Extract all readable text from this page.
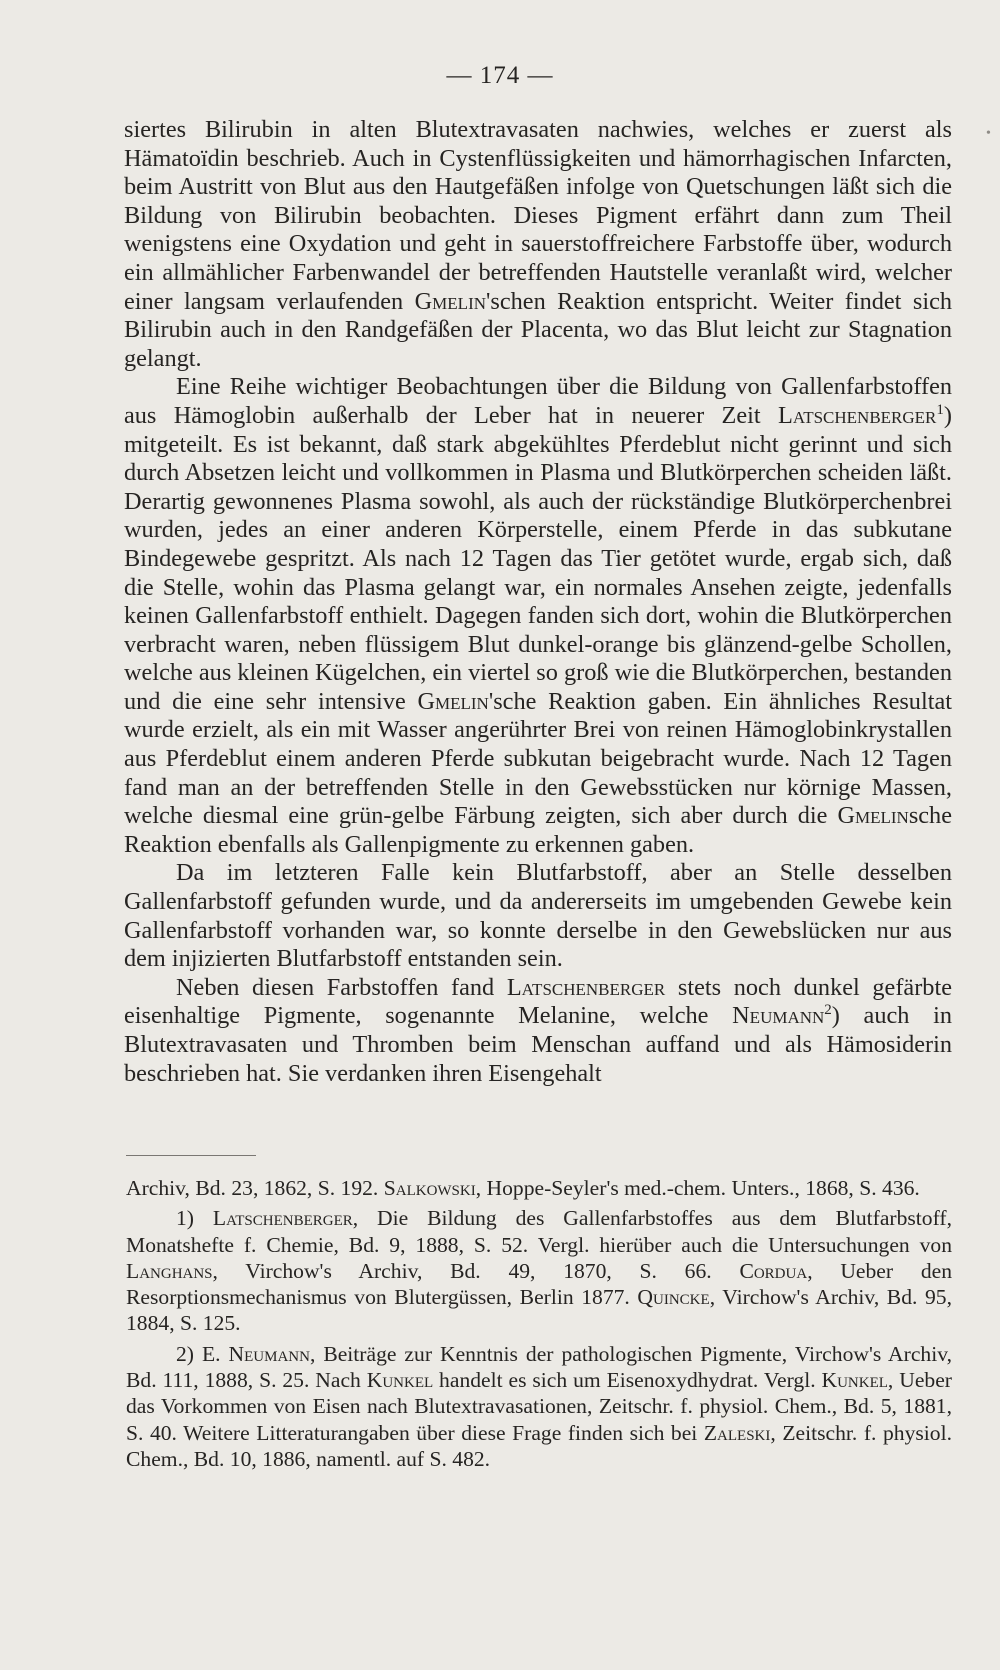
— 174 —
•

siertes Bilirubin in alten Blutextravasaten nachwies, welches er zuerst als Hämatoïdin beschrieb. Auch in Cystenflüssigkeiten und hämorrhagischen Infarcten, beim Austritt von Blut aus den Hautgefäßen infolge von Quetschungen läßt sich die Bildung von Bilirubin beobachten. Dieses Pigment erfährt dann zum Theil wenigstens eine Oxydation und geht in sauerstoffreichere Farbstoffe über, wodurch ein allmählicher Farbenwandel der betreffenden Hautstelle veranlaßt wird, welcher einer langsam verlaufenden Gmelin'schen Reaktion entspricht. Weiter findet sich Bilirubin auch in den Randgefäßen der Placenta, wo das Blut leicht zur Stagnation gelangt.

Eine Reihe wichtiger Beobachtungen über die Bildung von Gallenfarbstoffen aus Hämoglobin außerhalb der Leber hat in neuerer Zeit Latschenberger$^1$) mitgeteilt. Es ist bekannt, daß stark abgekühltes Pferdeblut nicht gerinnt und sich durch Absetzen leicht und vollkommen in Plasma und Blutkörperchen scheiden läßt. Derartig gewonnenes Plasma sowohl, als auch der rückständige Blutkörperchenbrei wurden, jedes an einer anderen Körperstelle, einem Pferde in das subkutane Bindegewebe gespritzt. Als nach 12 Tagen das Tier getötet wurde, ergab sich, daß die Stelle, wohin das Plasma gelangt war, ein normales Ansehen zeigte, jedenfalls keinen Gallenfarbstoff enthielt. Dagegen fanden sich dort, wohin die Blutkörperchen verbracht waren, neben flüssigem Blut dunkel-orange bis glänzend-gelbe Schollen, welche aus kleinen Kügelchen, ein viertel so groß wie die Blutkörperchen, bestanden und die eine sehr intensive Gmelin'sche Reaktion gaben. Ein ähnliches Resultat wurde erzielt, als ein mit Wasser angerührter Brei von reinen Hämoglobinkrystallen aus Pferdeblut einem anderen Pferde subkutan beigebracht wurde. Nach 12 Tagen fand man an der betreffenden Stelle in den Gewebsstücken nur körnige Massen, welche diesmal eine grün-gelbe Färbung zeigten, sich aber durch die Gmelinsche Reaktion ebenfalls als Gallenpigmente zu erkennen gaben.

Da im letzteren Falle kein Blutfarbstoff, aber an Stelle desselben Gallenfarbstoff gefunden wurde, und da andererseits im umgebenden Gewebe kein Gallenfarbstoff vorhanden war, so konnte derselbe in den Gewebslücken nur aus dem injizierten Blutfarbstoff entstanden sein.

Neben diesen Farbstoffen fand Latschenberger stets noch dunkel gefärbte eisenhaltige Pigmente, sogenannte Melanine, welche Neumann$^2$) auch in Blutextravasaten und Thromben beim Menschan auffand und als Hämosiderin beschrieben hat. Sie verdanken ihren Eisengehalt

Archiv, Bd. 23, 1862, S. 192. Salkowski, Hoppe-Seyler's med.-chem. Unters., 1868, S. 436.

1) Latschenberger, Die Bildung des Gallenfarbstoffes aus dem Blutfarbstoff, Monatshefte f. Chemie, Bd. 9, 1888, S. 52. Vergl. hierüber auch die Untersuchungen von Langhans, Virchow's Archiv, Bd. 49, 1870, S. 66. Cordua, Ueber den Resorptionsmechanismus von Blutergüssen, Berlin 1877. Quincke, Virchow's Archiv, Bd. 95, 1884, S. 125.

2) E. Neumann, Beiträge zur Kenntnis der pathologischen Pigmente, Virchow's Archiv, Bd. 111, 1888, S. 25. Nach Kunkel handelt es sich um Eisenoxydhydrat. Vergl. Kunkel, Ueber das Vorkommen von Eisen nach Blutextravasationen, Zeitschr. f. physiol. Chem., Bd. 5, 1881, S. 40. Weitere Litteraturangaben über diese Frage finden sich bei Zaleski, Zeitschr. f. physiol. Chem., Bd. 10, 1886, namentl. auf S. 482.
